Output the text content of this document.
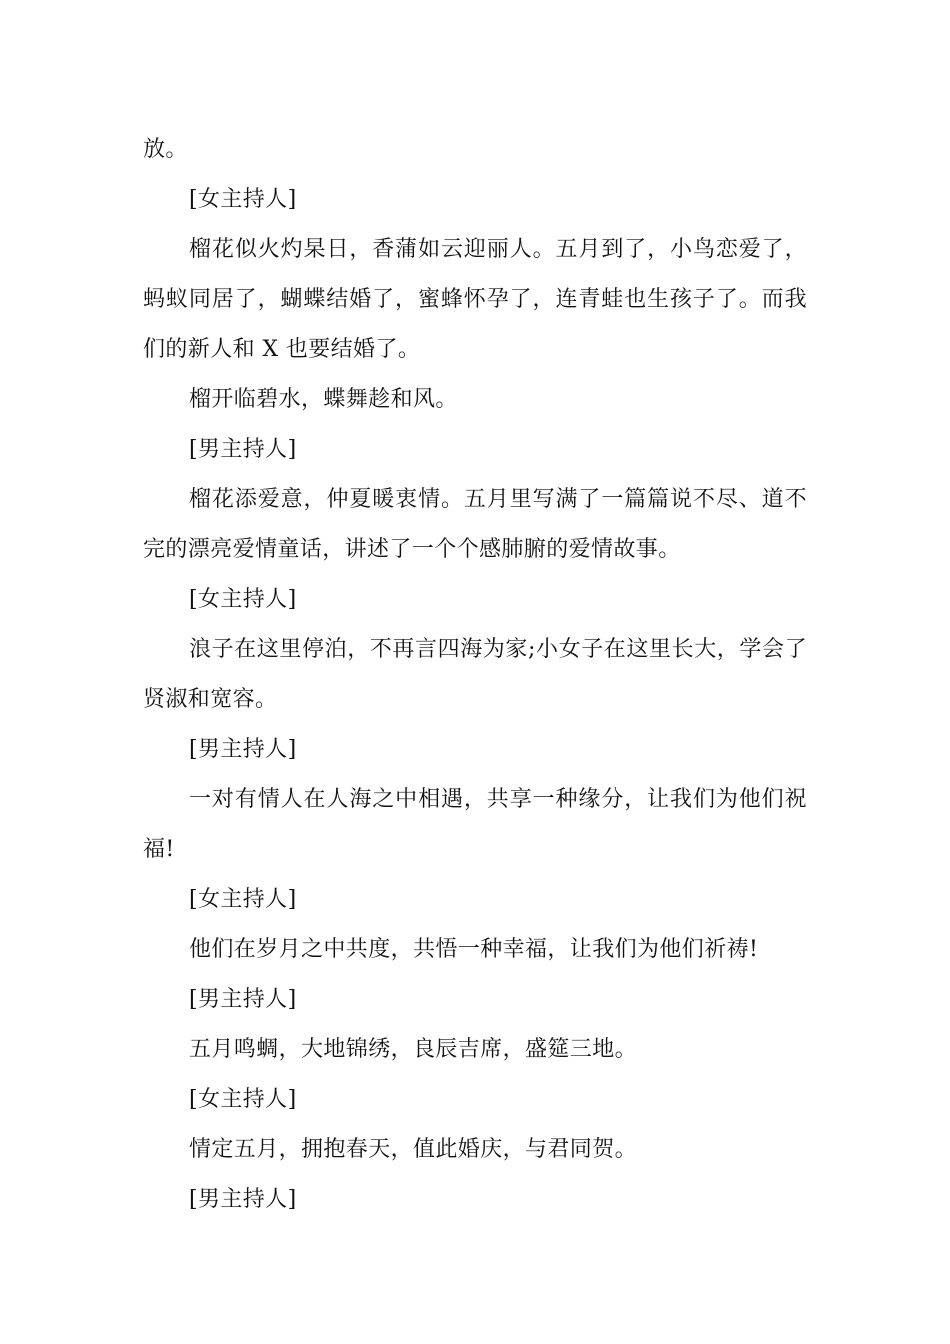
放。
[女主持人]
榴花似火灼杲日，香蒲如云迎丽人。五月到了，小鸟恋爱了，
蚂蚁同居了，蝴蝶结婚了，蜜蜂怀孕了，连青蛙也生孩子了。而我
们的新人和 X 也要结婚了。
榴开临碧水，蝶舞趁和风。
[男主持人]
榴花添爱意，仲夏暖衷情。五月里写满了一篇篇说不尽、道不
完的漂亮爱情童话，讲述了一个个感肺腑的爱情故事。
[女主持人]
浪子在这里停泊，不再言四海为家;小女子在这里长大，学会了
贤淑和宽容。
[男主持人]
一对有情人在人海之中相遇，共享一种缘分，让我们为他们祝
福!
[女主持人]
他们在岁月之中共度，共悟一种幸福，让我们为他们祈祷!
[男主持人]
五月鸣蜩，大地锦绣，良辰吉席，盛筵三地。
[女主持人]
情定五月，拥抱春天，值此婚庆，与君同贺。
[男主持人]
